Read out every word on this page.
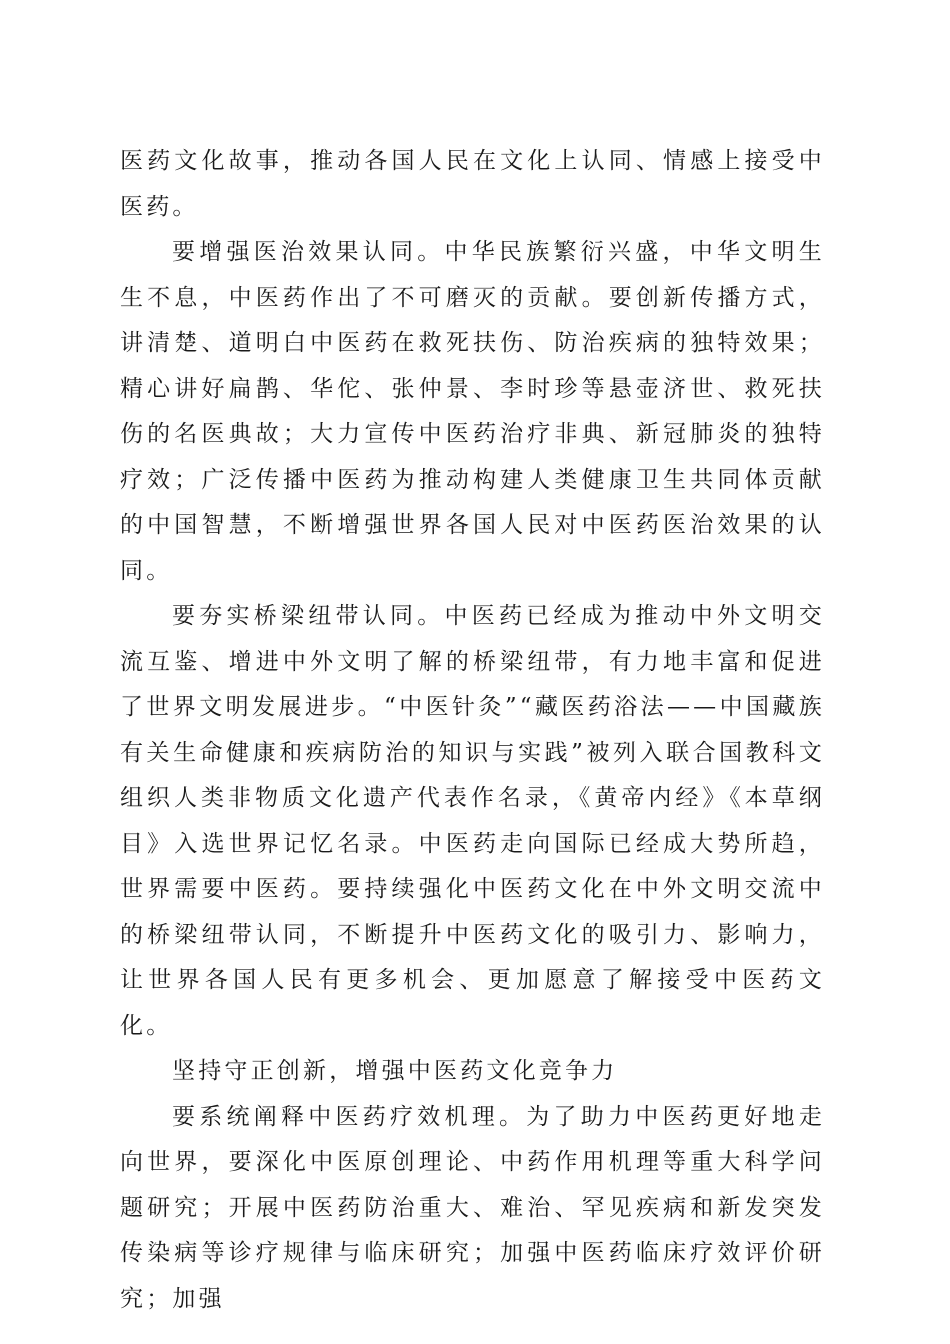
医药文化故事，推动各国人民在文化上认同、情感上接受中医药。

要增强医治效果认同。中华民族繁衍兴盛，中华文明生生不息，中医药作出了不可磨灭的贡献。要创新传播方式，讲清楚、道明白中医药在救死扶伤、防治疾病的独特效果；精心讲好扁鹊、华佗、张仲景、李时珍等悬壶济世、救死扶伤的名医典故；大力宣传中医药治疗非典、新冠肺炎的独特疗效；广泛传播中医药为推动构建人类健康卫生共同体贡献的中国智慧，不断增强世界各国人民对中医药医治效果的认同。

要夯实桥梁纽带认同。中医药已经成为推动中外文明交流互鉴、增进中外文明了解的桥梁纽带，有力地丰富和促进了世界文明发展进步。“中医针灸”“藏医药浴法——中国藏族有关生命健康和疾病防治的知识与实践”被列入联合国教科文组织人类非物质文化遗产代表作名录，《黄帝内经》《本草纲目》入选世界记忆名录。中医药走向国际已经成大势所趋，世界需要中医药。要持续强化中医药文化在中外文明交流中的桥梁纽带认同，不断提升中医药文化的吸引力、影响力，让世界各国人民有更多机会、更加愿意了解接受中医药文化。

坚持守正创新，增强中医药文化竞争力

要系统阐释中医药疗效机理。为了助力中医药更好地走向世界，要深化中医原创理论、中药作用机理等重大科学问题研究；开展中医药防治重大、难治、罕见疾病和新发突发传染病等诊疗规律与临床研究；加强中医药临床疗效评价研究；加强
